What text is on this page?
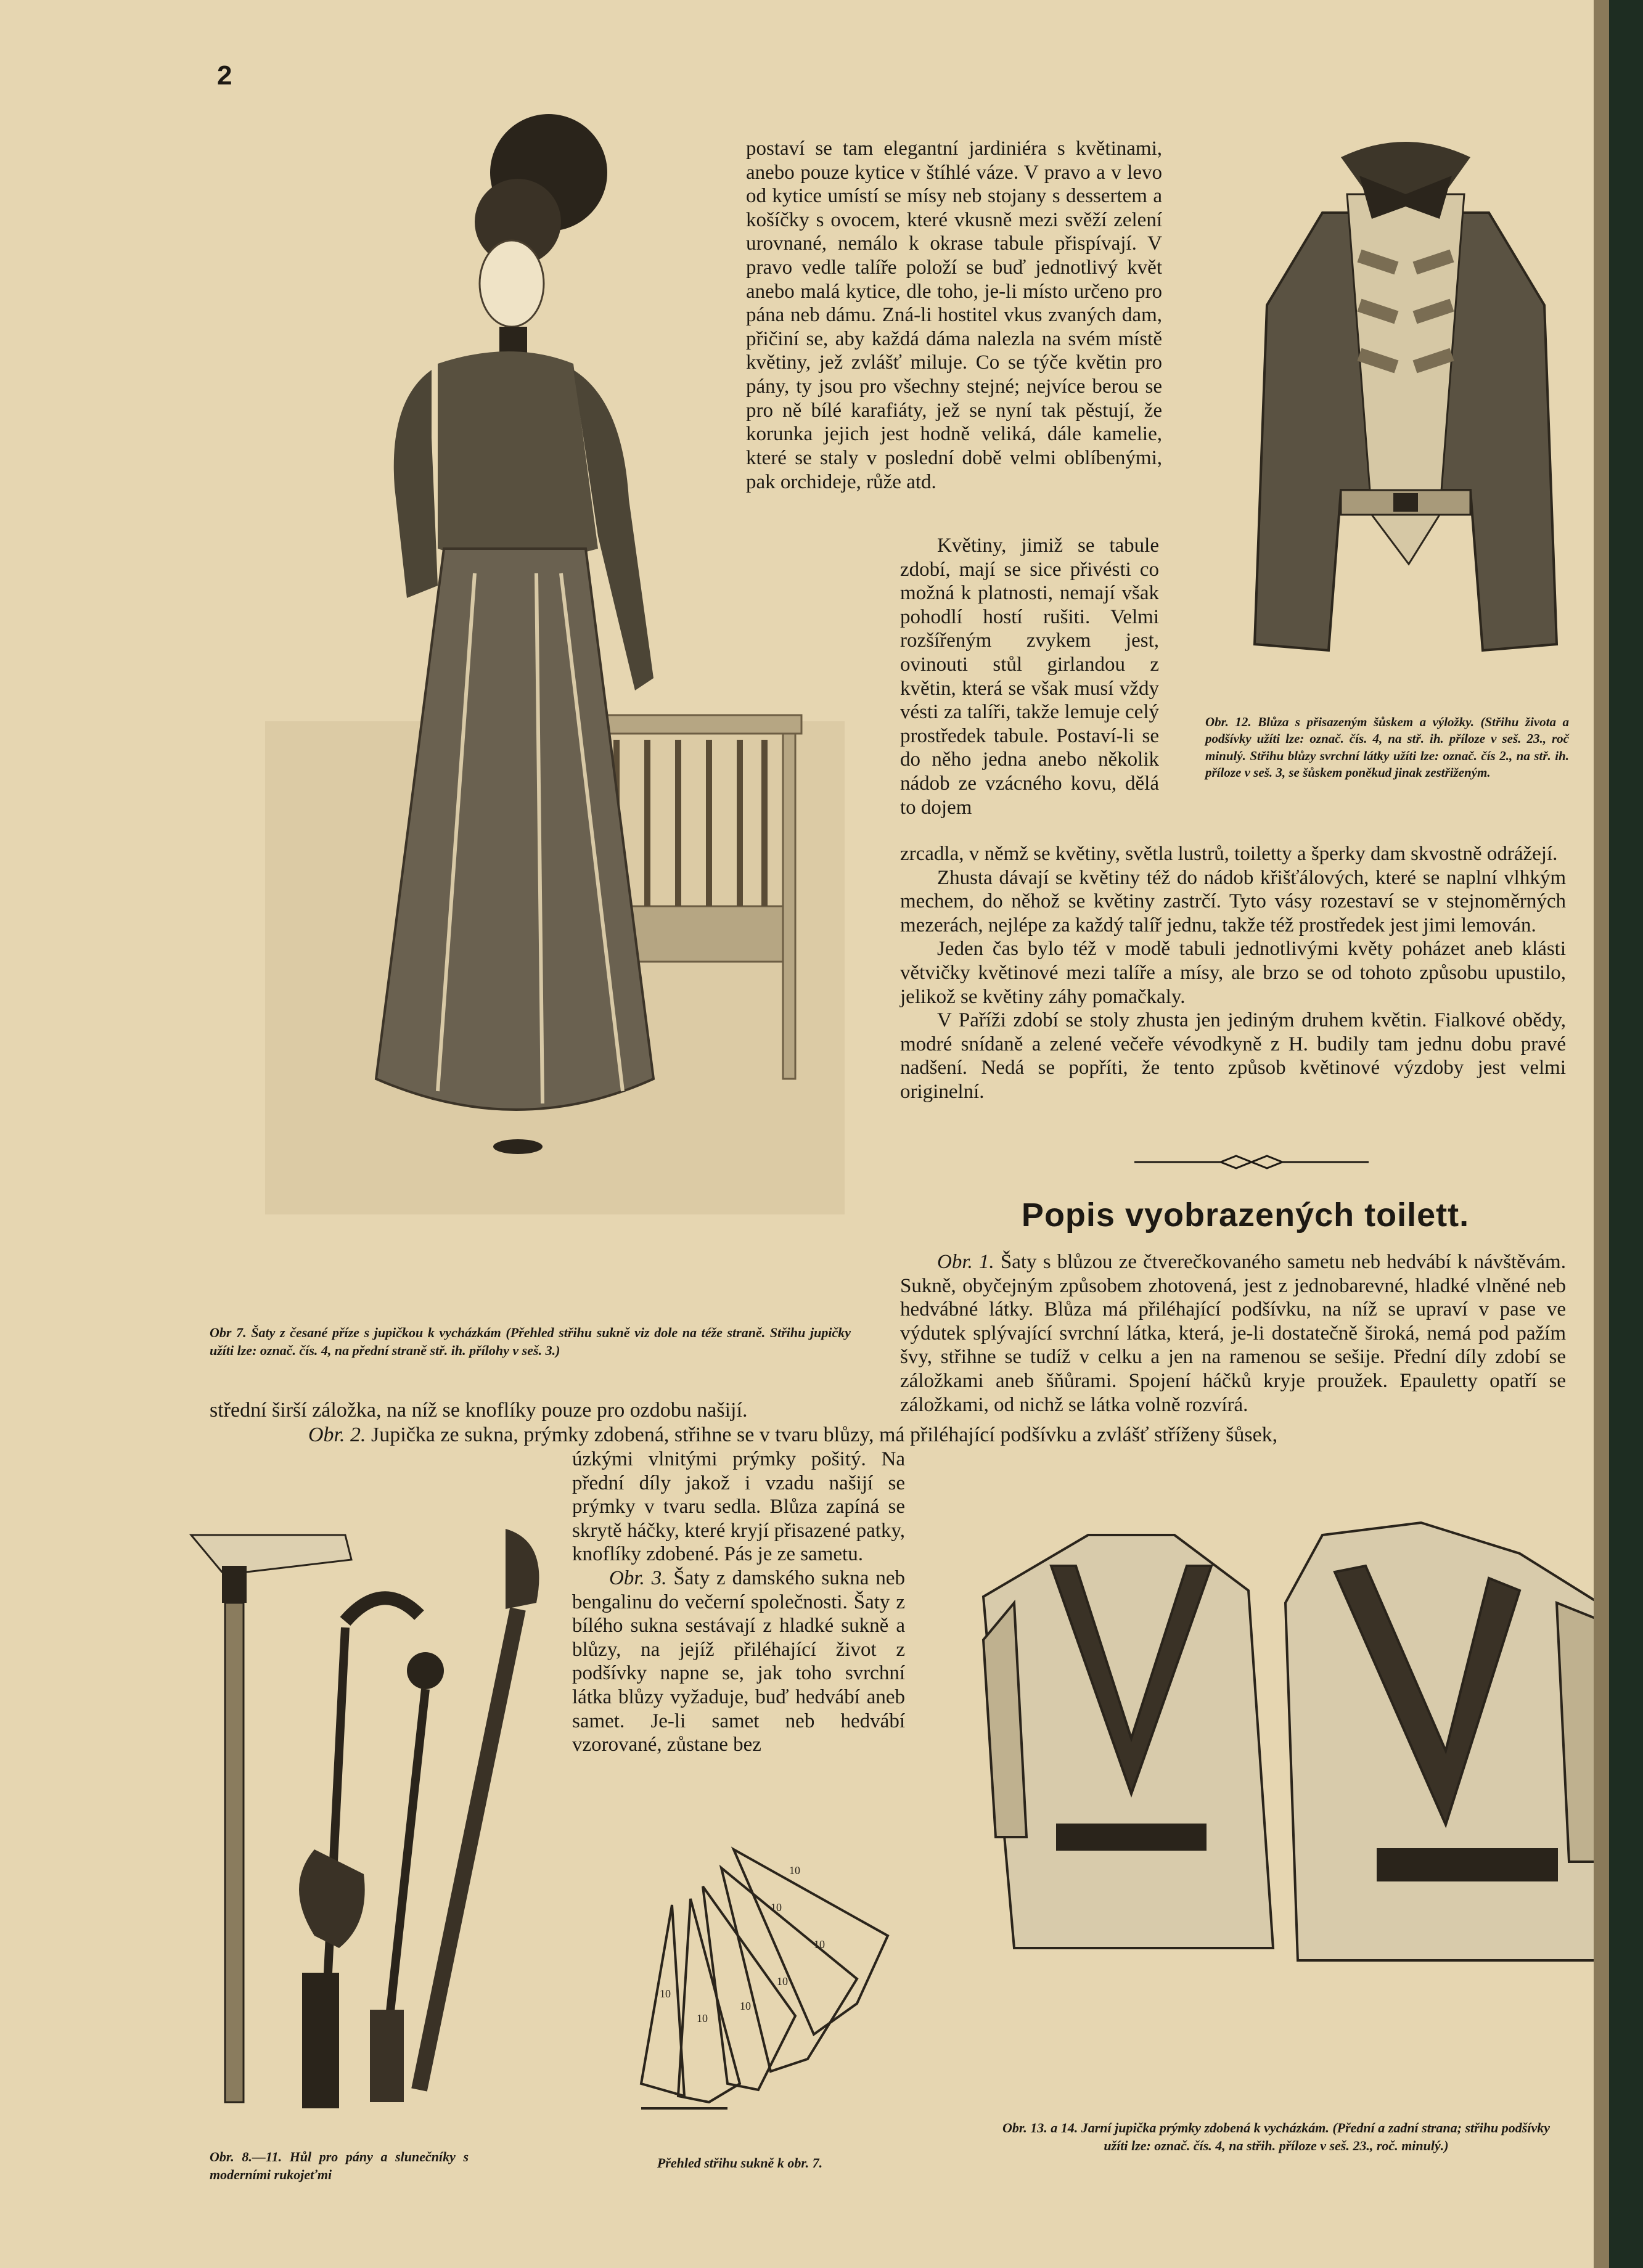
2

postaví se tam elegantní jardiniéra s květinami, anebo pouze kytice v štíhlé váze. V pravo a v levo od kytice umístí se mísy neb stojany s dessertem a košíčky s ovocem, které vkusně mezi svěží zelení urovnané, nemálo k okrase tabule přispívají. V pravo vedle talíře položí se buď jednotlivý květ anebo malá kytice, dle toho, je-li místo určeno pro pána neb dámu. Zná-li hostitel vkus zvaných dam, přičiní se, aby každá dáma nalezla na svém místě květiny, jež zvlášť miluje. Co se týče květin pro pány, ty jsou pro všechny stejné; nejvíce berou se pro ně bílé karafiáty, jež se nyní tak pěstují, že korunka jejich jest hodně veliká, dále kamelie, které se staly v poslední době velmi oblíbenými, pak orchideje, růže atd.

Květiny, jimiž se tabule zdobí, mají se sice přivésti co možná k platnosti, nemají však pohodlí hostí rušiti. Velmi rozšířeným zvykem jest, ovinouti stůl girlandou z květin, která se však musí vždy vésti za talíři, takže lemuje celý prostředek tabule. Postaví-li se do něho jedna anebo několik nádob ze vzácného kovu, dělá to dojem

zrcadla, v němž se květiny, světla lustrů, toiletty a šperky dam skvostně odrážejí.

Zhusta dávají se květiny též do nádob křišťálových, které se naplní vlhkým mechem, do něhož se květiny zastrčí. Tyto vásy rozestaví se v stejnoměrných mezerách, nejlépe za každý talíř jednu, takže též prostředek jest jimi lemován.

Jeden čas bylo též v modě tabuli jednotlivými květy poházet aneb klásti větvičky květinové mezi talíře a mísy, ale brzo se od tohoto způsobu upustilo, jelikož se květiny záhy pomačkaly.

V Paříži zdobí se stoly zhusta jen jediným druhem květin. Fialkové obědy, modré snídaně a zelené večeře vévodkyně z H. budily tam jednu dobu pravé nadšení. Nedá se popříti, že tento způsob květinové výzdoby jest velmi originelní.

Obr. 12. Blůza s přisazeným šůskem a výložky. (Střihu života a podšívky užíti lze: označ. čís. 4, na stř. ih. příloze v seš. 23., roč minulý. Střihu blůzy svrchní látky užíti lze: označ. čís 2., na stř. ih. příloze v seš. 3, se šůskem poněkud jinak zestřiženým.
Popis vyobrazených toilett.

Obr. 1. Šaty s blůzou ze čtverečkovaného sametu neb hedvábí k návštěvám. Sukně, obyčejným způsobem zhotovená, jest z jednobarevné, hladké vlněné neb hedvábné látky. Blůza má přiléhající podšívku, na níž se upraví v pase ve výdutek splývající svrchní látka, která, je-li dostatečně široká, nemá pod pažím švy, střihne se tudíž v celku a jen na ramenou se sešije. Přední díly zdobí se záložkami aneb šňůrami. Spojení háčků kryje proužek. Epauletty opatří se záložkami, od nichž se látka volně rozvírá.

Obr 7. Šaty z česané příze s jupičkou k vycházkám (Přehled střihu sukně viz dole na téže straně. Střihu jupičky užíti lze: označ. čís. 4, na přední straně stř. ih. přílohy v seš. 3.)
střední širší záložka, na níž se knoflíky pouze pro ozdobu našijí.
Obr. 2. Jupička ze sukna, prýmky zdobená, střihne se v tvaru blůzy, má přiléhající podšívku a zvlášť stříženy šůsek,

úzkými vlnitými prýmky pošitý. Na přední díly jakož i vzadu našijí se prýmky v tvaru sedla. Blůza zapíná se skrytě háčky, které kryjí přisazené patky, knoflíky zdobené. Pás je ze sametu.

Obr. 3. Šaty z damského sukna neb bengalinu do večerní společnosti. Šaty z bílého sukna sestávají z hladké sukně a blůzy, na jejíž přiléhající život z podšívky napne se, jak toho svrchní látka blůzy vyžaduje, buď hedvábí aneb samet. Je-li samet neb hedvábí vzorované, zůstane bez

Obr. 8.—11. Hůl pro pány a slunečníky s moderními rukojeťmi
10
10
10
10
10
10
10
Přehled střihu sukně k obr. 7.
Obr. 13. a 14. Jarní jupička prýmky zdobená k vycházkám. (Přední a zadní strana; střihu podšívky užíti lze: označ. čís. 4, na střih. příloze v seš. 23., roč. minulý.)
